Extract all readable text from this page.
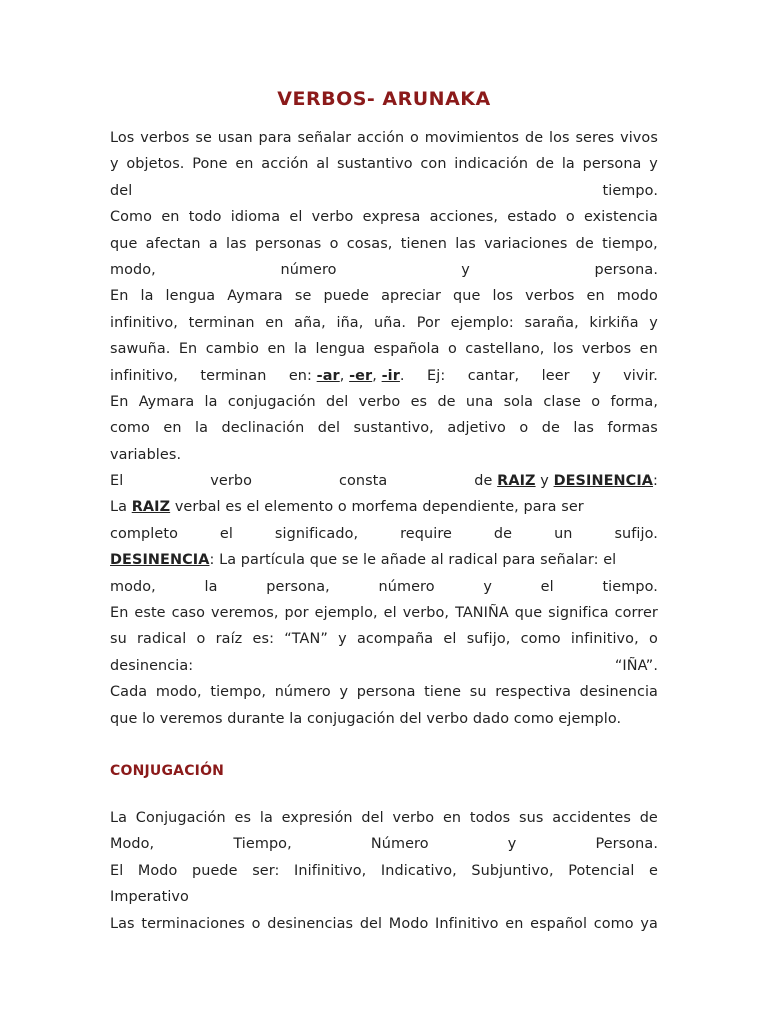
VERBOS- ARUNAKA
Los verbos se usan para señalar acción o movimientos de los seres vivos
y objetos. Pone en acción al sustantivo con indicación de la persona y
del	tiempo.
Como en todo idioma el verbo expresa acciones, estado o existencia
que afectan a las personas o cosas, tienen las variaciones de tiempo,
modo,	número	y	persona.
En la lengua Aymara se puede apreciar que los verbos en modo
infinitivo, terminan en aña, iña, uña. Por ejemplo: saraña, kirkiña y
sawuña. En cambio en la lengua española o castellano, los verbos en
infinitivo, terminan en: -ar, -er, -ir. Ej: cantar, leer y vivir.
En Aymara la conjugación del verbo es de una sola clase o forma,
como en la declinación del sustantivo, adjetivo o de las formas
variables.
El	verbo	consta	de RAIZ y DESINENCIA:
La RAIZ verbal es el elemento o morfema dependiente, para ser
completo	el	significado,	require	de	un	sufijo.
DESINENCIA: La partícula que se le añade al radical para señalar: el
modo,	la	persona,	número	y	el	tiempo.
En este caso veremos, por ejemplo, el verbo, TANIÑA que significa correr
su radical o raíz es: “TAN” y acompaña el sufijo, como infinitivo, o
desinencia:	“IÑA”.
Cada modo, tiempo, número y persona tiene su respectiva desinencia
que lo veremos durante la conjugación del verbo dado como ejemplo.
CONJUGACIÓN
La Conjugación es la expresión del verbo en todos sus accidentes de
Modo,	Tiempo,	Número	y	Persona.
El Modo puede ser: Inifinitivo, Indicativo, Subjuntivo, Potencial e
Imperativo
Las terminaciones o desinencias del Modo Infinitivo en español como ya
